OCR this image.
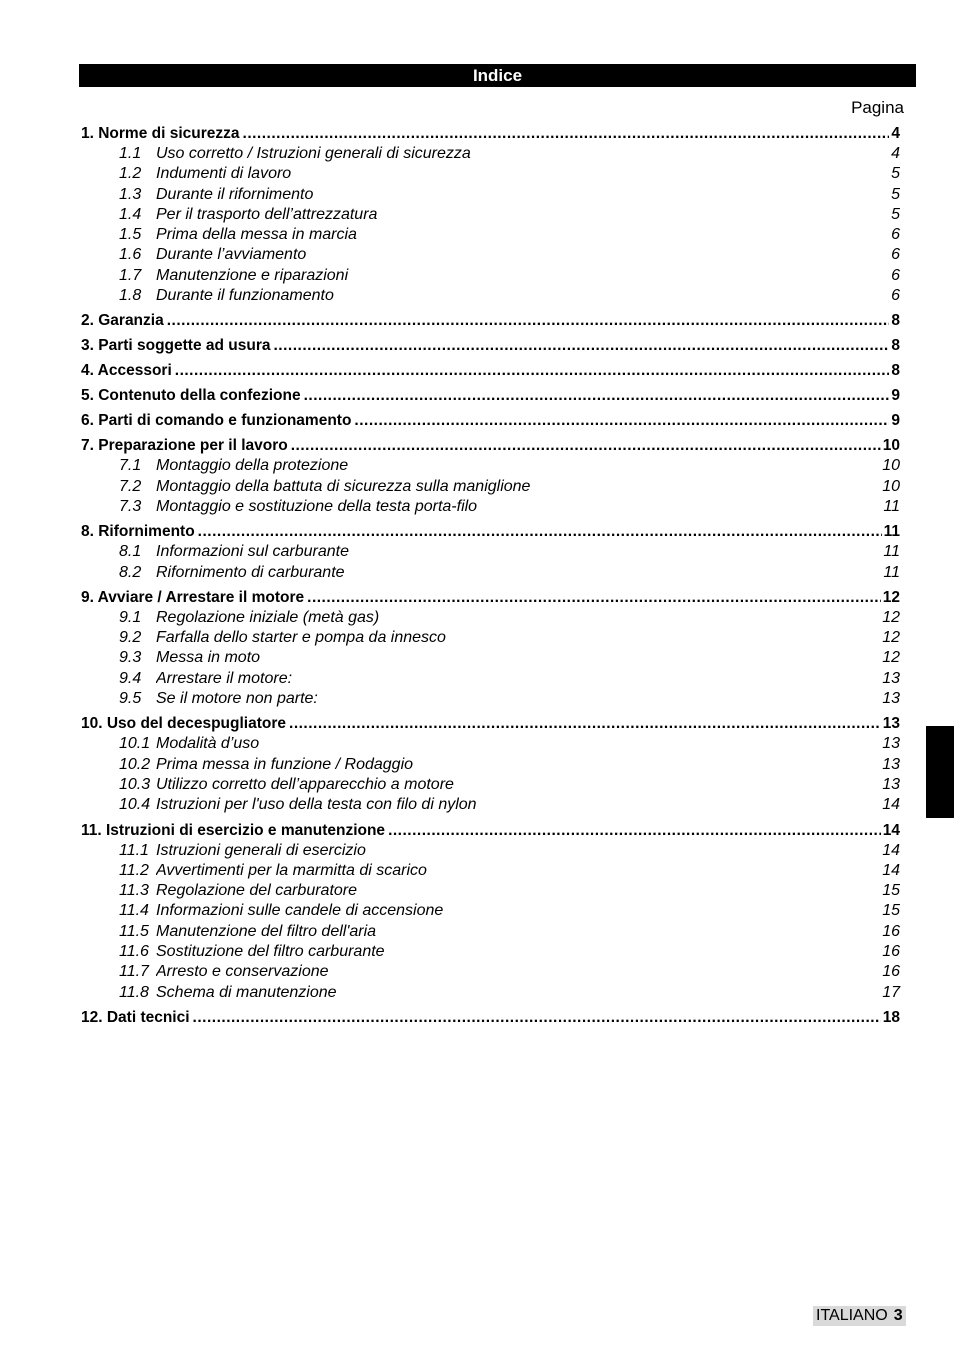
Indice
Pagina
1. Norme di sicurezza .....	4
1.1 Uso corretto / Istruzioni generali di sicurezza	4
1.2 Indumenti di lavoro	5
1.3 Durante il rifornimento	5
1.4 Per il trasporto dell’attrezzatura	5
1.5 Prima della messa in marcia	6
1.6 Durante l’avviamento	6
1.7 Manutenzione e riparazioni	6
1.8 Durante il funzionamento	6
2. Garanzia .....	8
3. Parti soggette ad usura .....	8
4. Accessori .....	8
5. Contenuto della confezione .....	9
6. Parti di comando e funzionamento .....	9
7. Preparazione per il lavoro .....	10
7.1 Montaggio della protezione	10
7.2 Montaggio della battuta di sicurezza sulla maniglione	10
7.3 Montaggio e sostituzione della testa porta-filo	11
8. Rifornimento .....	11
8.1 Informazioni sul carburante	11
8.2 Rifornimento di carburante	11
9. Avviare / Arrestare il motore .....	12
9.1 Regolazione iniziale (metà gas)	12
9.2 Farfalla dello starter e pompa da innesco	12
9.3 Messa in moto	12
9.4 Arrestare il motore:	13
9.5 Se il motore non parte:	13
10. Uso del decespugliatore .....	13
10.1 Modalità d’uso	13
10.2 Prima messa in funzione / Rodaggio	13
10.3 Utilizzo corretto dell’apparecchio a motore	13
10.4 Istruzioni per l'uso della testa con filo di nylon	14
11. Istruzioni di esercizio e manutenzione .....	14
11.1 Istruzioni generali di esercizio	14
11.2 Avvertimenti per la marmitta di scarico	14
11.3 Regolazione del carburatore	15
11.4 Informazioni sulle candele di accensione	15
11.5 Manutenzione del filtro dell'aria	16
11.6 Sostituzione del filtro carburante	16
11.7 Arresto e conservazione	16
11.8 Schema di manutenzione	17
12. Dati tecnici .....	18
ITALIANO 3
